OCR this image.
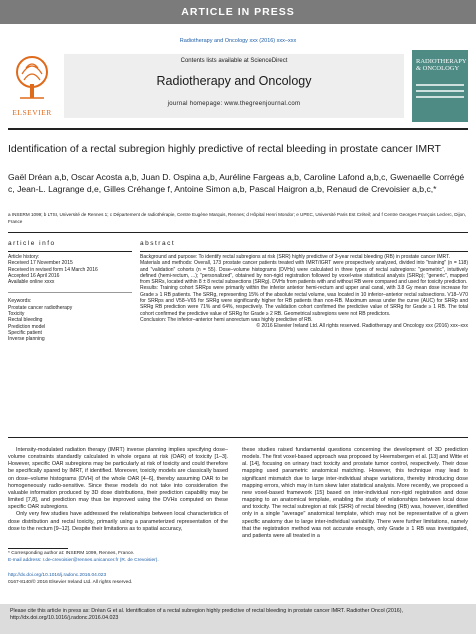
ARTICLE IN PRESS
Radiotherapy and Oncology xxx (2016) xxx–xxx
ELSEVIER
Contents lists available at ScienceDirect
Radiotherapy and Oncology
journal homepage: www.thegreenjournal.com
RADIOTHERAPY
& ONCOLOGY
Identification of a rectal subregion highly predictive of rectal bleeding in prostate cancer IMRT
Gaël Dréan a,b, Oscar Acosta a,b, Juan D. Ospina a,b, Auréline Fargeas a,b, Caroline Lafond a,b,c, Gwenaelle Corrégé c, Jean-L. Lagrange d,e, Gilles Créhange f, Antoine Simon a,b, Pascal Haigron a,b, Renaud de Crevoisier a,b,c,*
a INSERM 1099; b LTSI, Université de Rennes 1; c Département de radiothérapie, Centre Eugène Marquis, Rennes; d Hôpital Henri Mondor; e UPEC, Université Paris Est Créteil; and f Centre Georges François Leclerc, Dijon, France
article info	abstract

Article history:

Received 17 November 2015

Received in revised form 14 March 2016

Accepted 16 April 2016

Available online xxxx

Keywords:

Prostate cancer radiotherapy

Toxicity

Rectal bleeding

Prediction model

Specific patient

Inverse planning

Background and purpose: To identify rectal subregions at risk (SRR) highly predictive of 3-year rectal bleeding (RB) in prostate cancer IMRT.

Materials and methods: Overall, 173 prostate cancer patients treated with IMRT/IGRT were prospectively analyzed, divided into "training" (n = 118) and "validation" cohorts (n = 55). Dose–volume histograms (DVHs) were calculated in three types of rectal subregions: "geometric", intuitively defined (hemi-rectum, ...); "personalized", obtained by non-rigid registration followed by voxel-wise statistical analysis (SRRp); "generic", mapped from SRRs, located within 8 ± 8 rectal subsections (SRRg). DVHs from patients with and without RB were compared and used for toxicity prediction.

Results: Training cohort SRRps were primarily within the inferior anterior hemi-rectum and upper anal canal, with 3.8 Gy mean dose increase for Grade ≥ 1 RB patients. The SRRg, representing 15% of the absolute rectal volume, was located in 10 inferior–anterior rectal subsections. V18–V70 for SRRps and V58–V65 for SRRg were significantly higher for RB patients than non-RB. Maximum areas under the curve (AUC) for SRRp and SRRg RB prediction were 71% and 64%, respectively. The validation cohort confirmed the predictive value of SRRg for Grade ≥ 1 RB. The total cohort confirmed the predictive value of SRRg for Grade ≥ 2 RB. Geometrical subregions were not RB predictors.

Conclusion: The inferior–anterior hemi anorectum was highly predictive of RB.

© 2016 Elsevier Ireland Ltd. All rights reserved. Radiotherapy and Oncology xxx (2016) xxx–xxx

Intensity-modulated radiation therapy (IMRT) inverse planning implies specifying dose–volume constraints standardly calculated in whole organs at risk (OAR) of toxicity [1–3]. However, specific OAR subregions may be particularly at risk of toxicity and could therefore be specifically spared by IMRT, if identified. Moreover, toxicity models are classically based on dose–volume histograms (DVH) of the whole OAR [4–6], thereby assuming OAR to be homogeneously radio-sensitive. Since these models do not take into consideration the valuable information produced by 3D dose distributions, their prediction capability may be limited [7,8], and prediction may thus be improved using the DVHs computed on these specific OAR subregions.

Only very few studies have addressed the relationships between local characteristics of dose distribution and rectal toxicity, primarily using a parameterized representation of the dose to the rectum [9–12]. Despite their limitations as to spatial accuracy,

these studies raised fundamental questions concerning the development of 3D prediction models. The first voxel-based approach was proposed by Heemsbergen et al. [13] and Witte et al. [14], focusing on urinary tract toxicity and prostate tumor control, respectively. Their dose mapping used parametric anatomical matching. However, this technique may lead to significant mismatch due to large inter-individual shape variations, thereby introducing dose mapping errors, which may in turn skew later statistical analysis. More recently, we proposed a new voxel-based framework [15] based on inter-individual non-rigid registration and dose mapping to an anatomical template, enabling the study of relationships between local dose and toxicity. The rectal subregion at risk (SRR) of rectal bleeding (RB) was, however, identified only in a single "average" anatomical template, which may not be representative of a given specific anatomy due to large inter-individual variability. There were further limitations, namely that the registration method was not accurate enough, only Grade ≥ 1 RB was investigated, and patients were all treated in a

* Corresponding author at: INSERM 1099, Rennes, France.
E-mail address: r.de-crevoisier@rennes.unicancer.fr (R. de Crevoisier).
http://dx.doi.org/10.1016/j.radonc.2016.04.023
0167-8140/© 2016 Elsevier Ireland Ltd. All rights reserved.
Please cite this article in press as: Dréan G et al. Identification of a rectal subregion highly predictive of rectal bleeding in prostate cancer IMRT. Radiother Oncol (2016), http://dx.doi.org/10.1016/j.radonc.2016.04.023
